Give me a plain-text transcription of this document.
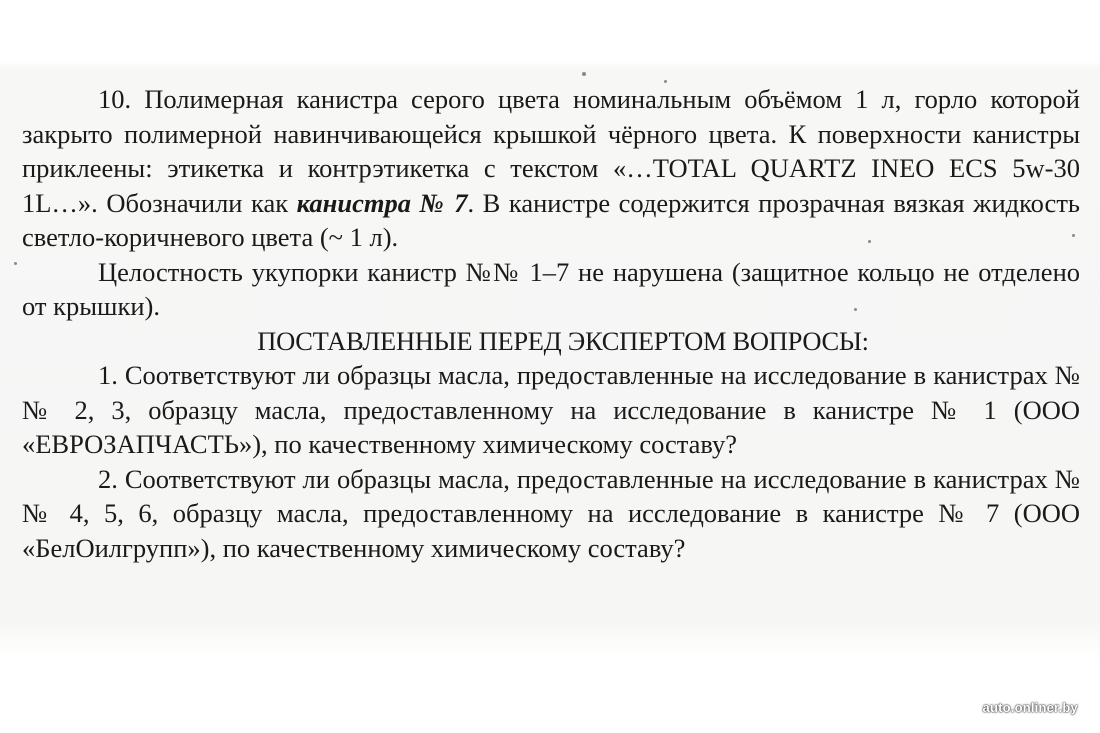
10. Полимерная канистра серого цвета номинальным объёмом 1 л, горло которой закрыто полимерной навинчивающейся крышкой чёрного цвета. К поверхности канистры приклеены: этикетка и контрэтикетка с текстом «…TOTAL QUARTZ INEO ECS 5w-30 1L…». Обозначили как канистра № 7. В канистре содержится прозрачная вязкая жидкость светло-коричневого цвета (~ 1 л).

Целостность укупорки канистр №№ 1–7 не нарушена (защитное кольцо не отделено от крышки).

ПОСТАВЛЕННЫЕ ПЕРЕД ЭКСПЕРТОМ ВОПРОСЫ:

1. Соответствуют ли образцы масла, предоставленные на исследование в канистрах №№ 2, 3, образцу масла, предоставленному на исследование в канистре № 1 (ООО «ЕВРОЗАПЧАСТЬ»), по качественному химическому составу?

2. Соответствуют ли образцы масла, предоставленные на исследование в канистрах №№ 4, 5, 6, образцу масла, предоставленному на исследование в канистре № 7 (ООО «БелОилгрупп»), по качественному химическому составу?

auto.onliner.by
